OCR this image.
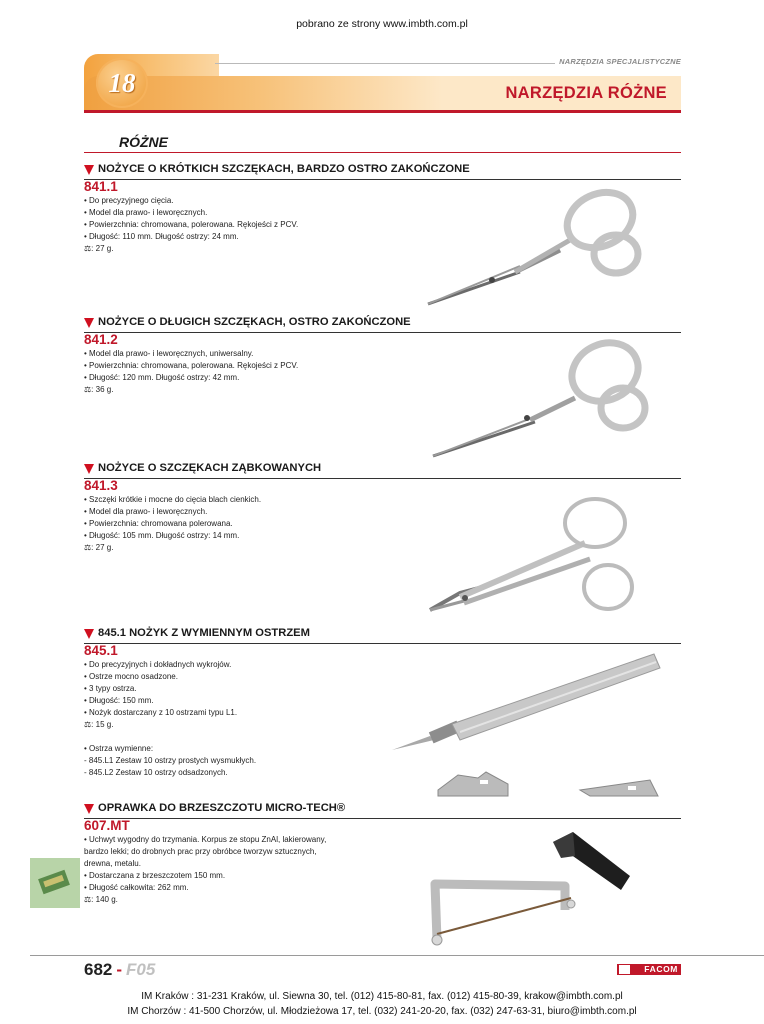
pobrano ze strony www.imbth.com.pl
NARZĘDZIA RÓŻNE
18
NARZĘDZIA SPECJALISTYCZNE
RÓŻNE
NOŻYCE O KRÓTKICH SZCZĘKACH, BARDZO OSTRO ZAKOŃCZONE
841.1
• Do precyzyjnego cięcia.
• Model dla prawo- i leworęcznych.
• Powierzchnia: chromowana, polerowana. Rękojeści z PCV.
• Długość: 110 mm. Długość ostrzy: 24 mm.
⚖: 27 g.
NOŻYCE O DŁUGICH SZCZĘKACH, OSTRO ZAKOŃCZONE
841.2
• Model dla prawo- i leworęcznych, uniwersalny.
• Powierzchnia: chromowana, polerowana. Rękojeści z PCV.
• Długość: 120 mm. Długość ostrzy: 42 mm.
⚖: 36 g.
NOŻYCE O SZCZĘKACH ZĄBKOWANYCH
841.3
• Szczęki krótkie i mocne do cięcia blach cienkich.
• Model dla prawo- i leworęcznych.
• Powierzchnia: chromowana polerowana.
• Długość: 105 mm. Długość ostrzy: 14 mm.
⚖: 27 g.
845.1 NOŻYK Z WYMIENNYM OSTRZEM
845.1
• Do precyzyjnych i dokładnych wykrojów.
• Ostrze mocno osadzone.
• 3 typy ostrza.
• Długość: 150 mm.
• Nożyk dostarczany z 10 ostrzami typu L1.
⚖: 15 g.
• Ostrza wymienne:
- 845.L1 Zestaw 10 ostrzy prostych wysmukłych.
- 845.L2 Zestaw 10 ostrzy odsadzonych.
OPRAWKA DO BRZESZCZOTU MICRO-TECH®
607.MT
• Uchwyt wygodny do trzymania. Korpus ze stopu ZnAl, lakierowany,
bardzo lekki; do drobnych prac przy obróbce tworzyw sztucznych,
drewna, metalu.
• Dostarczana z brzeszczotem 150 mm.
• Długość całkowita: 262 mm.
⚖: 140 g.
682 - F05	FACOM
IM Kraków : 31-231 Kraków, ul. Siewna 30, tel. (012) 415-80-81, fax. (012) 415-80-39, krakow@imbth.com.pl
IM Chorzów : 41-500 Chorzów, ul. Młodzieżowa 17, tel. (032) 241-20-20, fax. (032) 247-63-31, biuro@imbth.com.pl
